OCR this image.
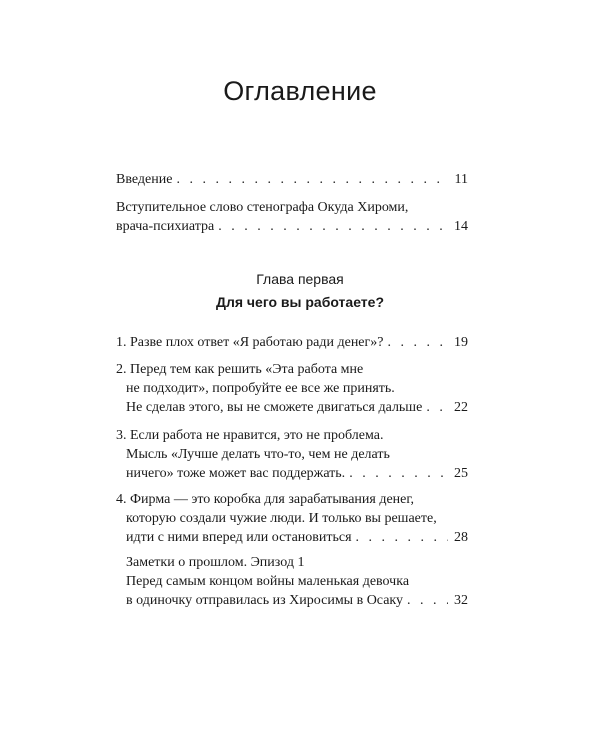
Оглавление
Введение . . .	11
Вступительное слово стенографа Окуда Хироми,
врача-психиатра . . .	14
Глава первая
Для чего вы работаете?
1. Разве плох ответ «Я работаю ради денег»? . . .	19
2. Перед тем как решить «Эта работа мне
не подходит», попробуйте ее все же принять.
Не сделав этого, вы не сможете двигаться дальше . . . 22
3. Если работа не нравится, это не проблема.
Мысль «Лучше делать что-то, чем не делать
ничего» тоже может вас поддержать. . . .	25
4. Фирма — это коробка для зарабатывания денег,
которую создали чужие люди. И только вы решаете,
идти с ними вперед или остановиться . . .	28
Заметки о прошлом. Эпизод 1
Перед самым концом войны маленькая девочка
в одиночку отправилась из Хиросимы в Осаку . . .	32
